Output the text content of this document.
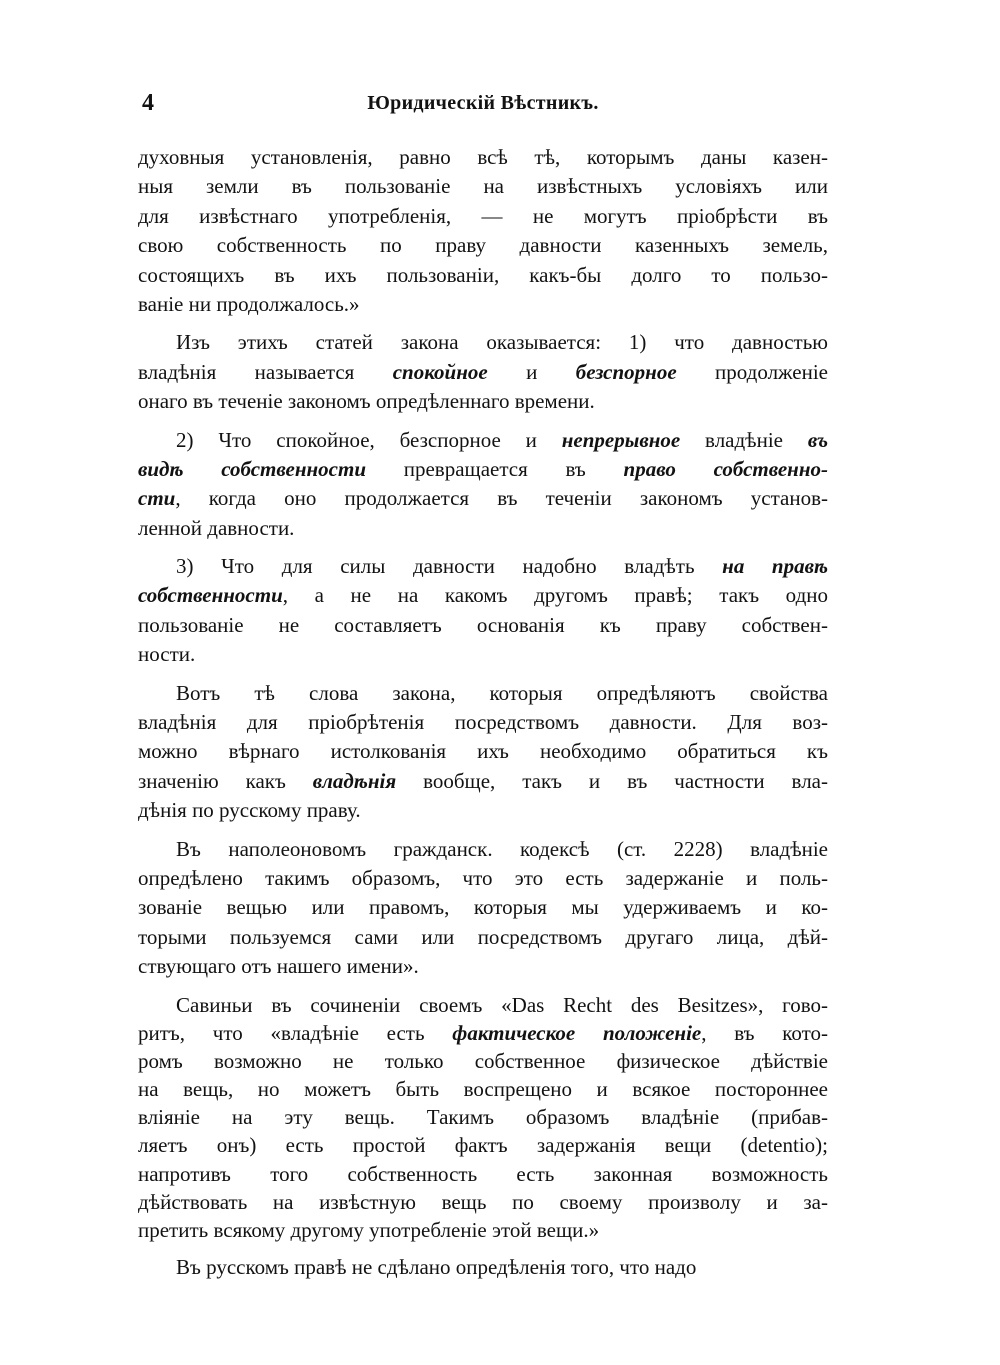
4	Юридическій Вѣстникъ.
духовныя установленія, равно всѣ тѣ, которымъ даны казен-
ныя земли въ пользованіе на извѣстныхъ условіяхъ или
для извѣстнаго употребленія, — не могутъ пріобрѣсти въ
свою собственность по праву давности казенныхъ земель,
состоящихъ въ ихъ пользованіи, какъ-бы долго то пользо-
ваніе ни продолжалось.»
Изъ этихъ статей закона оказывается: 1) что давностью
владѣнія называется спокойное и безспорное продолженіе
онаго въ теченіе закономъ опредѣленнаго времени.
2) Что спокойное, безспорное и непрерывное владѣніе въ
видѣ собственности превращается въ право собственно-
сти, когда оно продолжается въ теченіи закономъ установ-
ленной давности.
3) Что для силы давности надобно владѣть на правѣ
собственности, а не на какомъ другомъ правѣ; такъ одно
пользованіе не составляетъ основанія къ праву собствен-
ности.
Вотъ тѣ слова закона, которыя опредѣляютъ свойства
владѣнія для пріобрѣтенія посредствомъ давности. Для воз-
можно вѣрнаго истолкованія ихъ необходимо обратиться къ
значенію какъ владѣнія вообще, такъ и въ частности вла-
дѣнія по русскому праву.
Въ наполеоновомъ гражданск. кодексѣ (ст. 2228) владѣніе
опредѣлено такимъ образомъ, что это есть задержаніе и поль-
зованіе вещью или правомъ, которыя мы удерживаемъ и ко-
торыми пользуемся сами или посредствомъ другаго лица, дѣй-
ствующаго отъ нашего имени».
Савиньи въ сочиненіи своемъ «Das Recht des Besitzes», гово-
ритъ, что «владѣніе есть фактическое положеніе, въ кото-
ромъ возможно не только собственное физическое дѣйствіе
на вещь, но можетъ быть воспрещено и всякое постороннее
вліяніе на эту вещь. Такимъ образомъ владѣніе (прибав-
ляетъ онъ) есть простой фактъ задержанія вещи (detentio);
напротивъ того собственность есть законная возможность
дѣйствовать на извѣстную вещь по своему произволу и за-
претить всякому другому употребленіе этой вещи.»
Въ русскомъ правѣ не сдѣлано опредѣленія того, что надо
